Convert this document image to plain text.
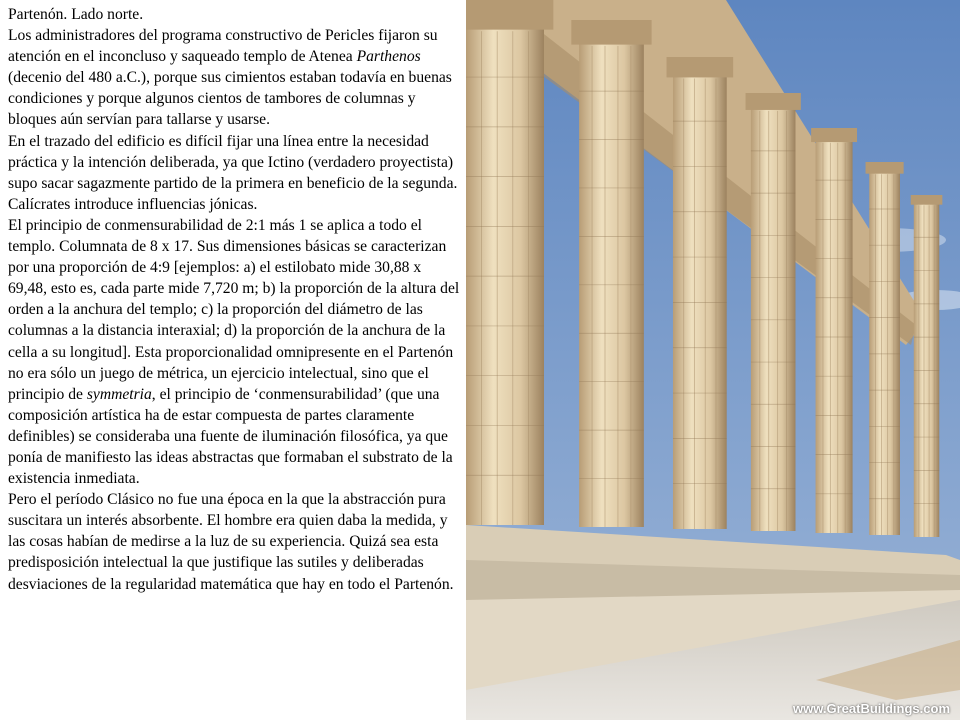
Partenón. Lado norte.

Los administradores del programa constructivo de Pericles fijaron su atención en el inconcluso y saqueado templo de Atenea Parthenos (decenio del 480 a.C.), porque sus cimientos estaban todavía en buenas condiciones y porque algunos cientos de tambores de columnas y bloques aún servían para tallarse y usarse.

En el trazado del edificio es difícil fijar una línea entre la necesidad práctica y la intención deliberada, ya que Ictino (verdadero proyectista) supo sacar sagazmente partido de la primera en beneficio de la segunda. Calícrates introduce influencias jónicas.

El principio de conmensurabilidad de 2:1 más 1 se aplica a todo el templo. Columnata de 8 x 17. Sus dimensiones básicas se caracterizan por una proporción de 4:9 [ejemplos: a) el estilobato mide 30,88 x 69,48, esto es, cada parte mide 7,720 m; b) la proporción de la altura del orden a la anchura del templo; c) la proporción del diámetro de las columnas a la distancia interaxial; d) la proporción de la anchura de la cella a su longitud]. Esta proporcionalidad omnipresente en el Partenón no era sólo un juego de métrica, un ejercicio intelectual, sino que el principio de symmetria, el principio de ‘conmensurabilidad’ (que una composición artística ha de estar compuesta de partes claramente definibles) se consideraba una fuente de iluminación filosófica, ya que ponía de manifiesto las ideas abstractas que formaban el substrato de la existencia inmediata.

Pero el período Clásico no fue una época en la que la abstracción pura suscitara un interés absorbente. El hombre era quien daba la medida, y las cosas habían de medirse a la luz de su experiencia. Quizá sea esta predisposición intelectual la que justifique las sutiles y deliberadas desviaciones de la regularidad matemática que hay en todo el Partenón.

www.GreatBuildings.com
